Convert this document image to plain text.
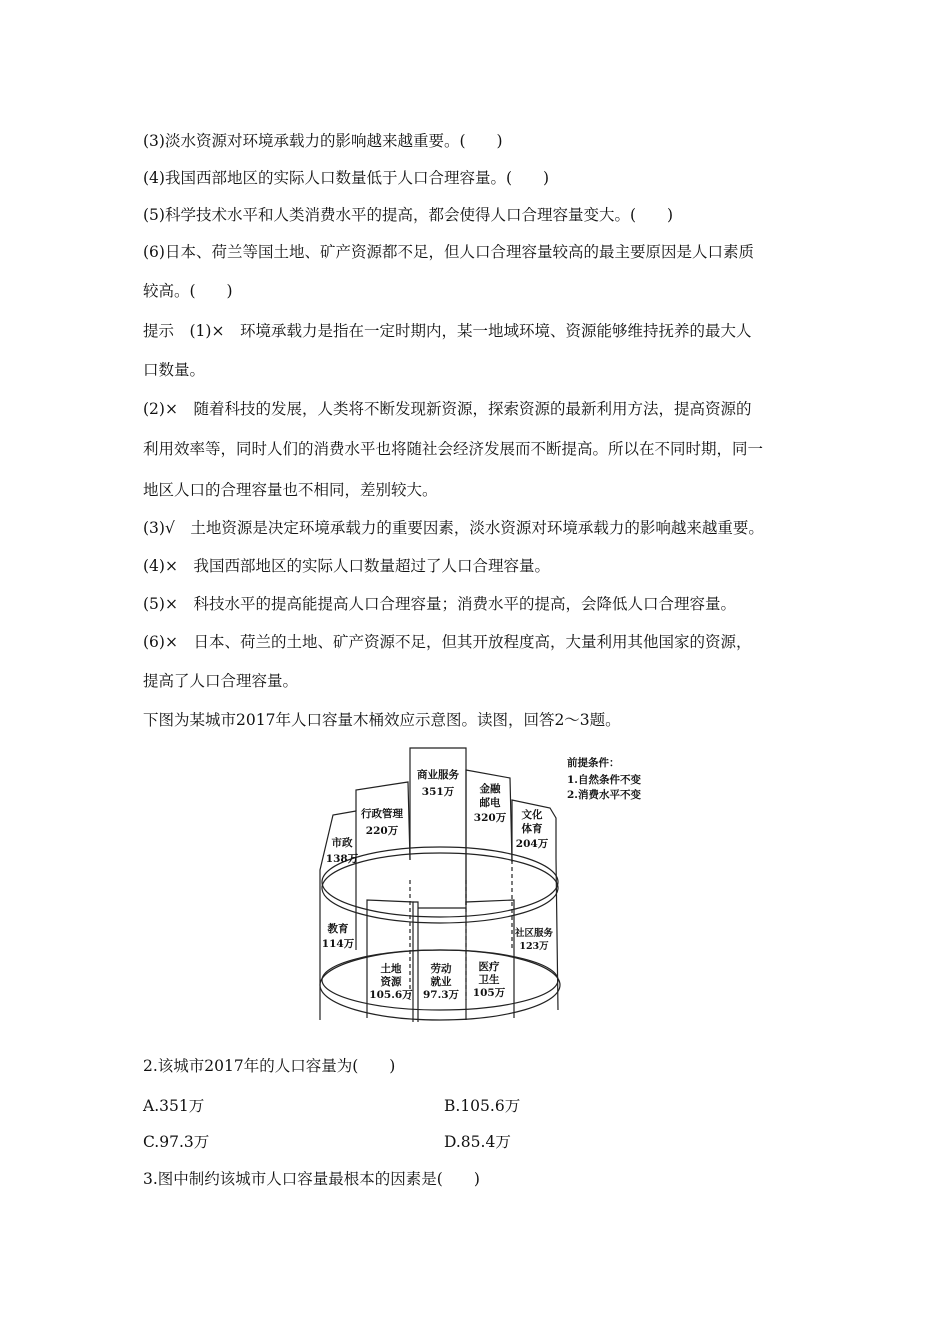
(3)淡水资源对环境承载力的影响越来越重要。(　　)
(4)我国西部地区的实际人口数量低于人口合理容量。(　　)
(5)科学技术水平和人类消费水平的提高，都会使得人口合理容量变大。(　　)
(6)日本、荷兰等国土地、矿产资源都不足，但人口合理容量较高的最主要原因是人口素质
较高。(　　)
提示　(1)×　环境承载力是指在一定时期内，某一地域环境、资源能够维持抚养的最大人
口数量。
(2)×　随着科技的发展，人类将不断发现新资源，探索资源的最新利用方法，提高资源的
利用效率等，同时人们的消费水平也将随社会经济发展而不断提高。所以在不同时期，同一
地区人口的合理容量也不相同，差别较大。
(3)√　土地资源是决定环境承载力的重要因素，淡水资源对环境承载力的影响越来越重要。
(4)×　我国西部地区的实际人口数量超过了人口合理容量。
(5)×　科技水平的提高能提高人口合理容量；消费水平的提高，会降低人口合理容量。
(6)×　日本、荷兰的土地、矿产资源不足，但其开放程度高，大量利用其他国家的资源，
提高了人口合理容量。
下图为某城市2017年人口容量木桶效应示意图。读图，回答2～3题。
前提条件：
1.自然条件不变
2.消费水平不变
商业服务
351万
行政管理
220万
市政
138万
金融
邮电
320万 文化
体育
204万
教育
114万
土地
资源
105.6万
劳动
就业
97.3万
医疗
卫生
105万
社区服务
123万
2.该城市2017年的人口容量为(　　)
A.351万	B.105.6万
C.97.3万	D.85.4万
3.图中制约该城市人口容量最根本的因素是(　　)
